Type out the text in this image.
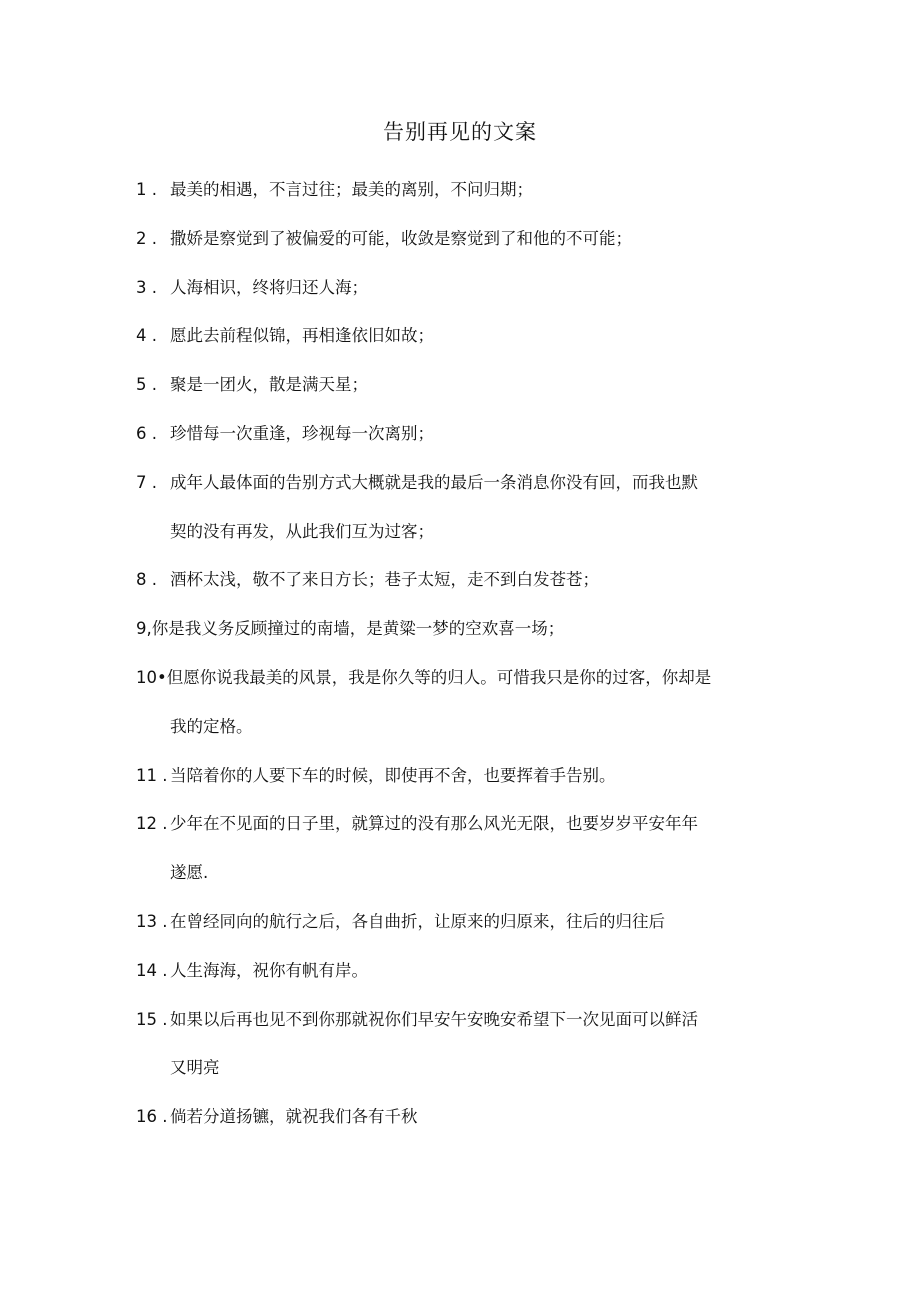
告别再见的文案
1 . 最美的相遇，不言过往；最美的离别，不问归期；
2 . 撒娇是察觉到了被偏爱的可能，收敛是察觉到了和他的不可能；
3 . 人海相识，终将归还人海；
4 . 愿此去前程似锦，再相逢依旧如故；
5 . 聚是一团火，散是满天星；
6 . 珍惜每一次重逢，珍视每一次离别；
7 . 成年人最体面的告别方式大概就是我的最后一条消息你没有回，而我也默
契的没有再发，从此我们互为过客；
8 . 酒杯太浅，敬不了来日方长；巷子太短，走不到白发苍苍；
9,你是我义务反顾撞过的南墙，是黄粱一梦的空欢喜一场；
10•但愿你说我最美的风景，我是你久等的归人。可惜我只是你的过客，你却是
我的定格。
11 . 当陪着你的人要下车的时候，即使再不舍，也要挥着手告别。
12 . 少年在不见面的日子里，就算过的没有那么风光无限，也要岁岁平安年年
遂愿.
13 . 在曾经同向的航行之后，各自曲折，让原来的归原来，往后的归往后
14 . 人生海海，祝你有帆有岸。
15 . 如果以后再也见不到你那就祝你们早安午安晚安希望下一次见面可以鲜活
又明亮
16 . 倘若分道扬镳，就祝我们各有千秋
